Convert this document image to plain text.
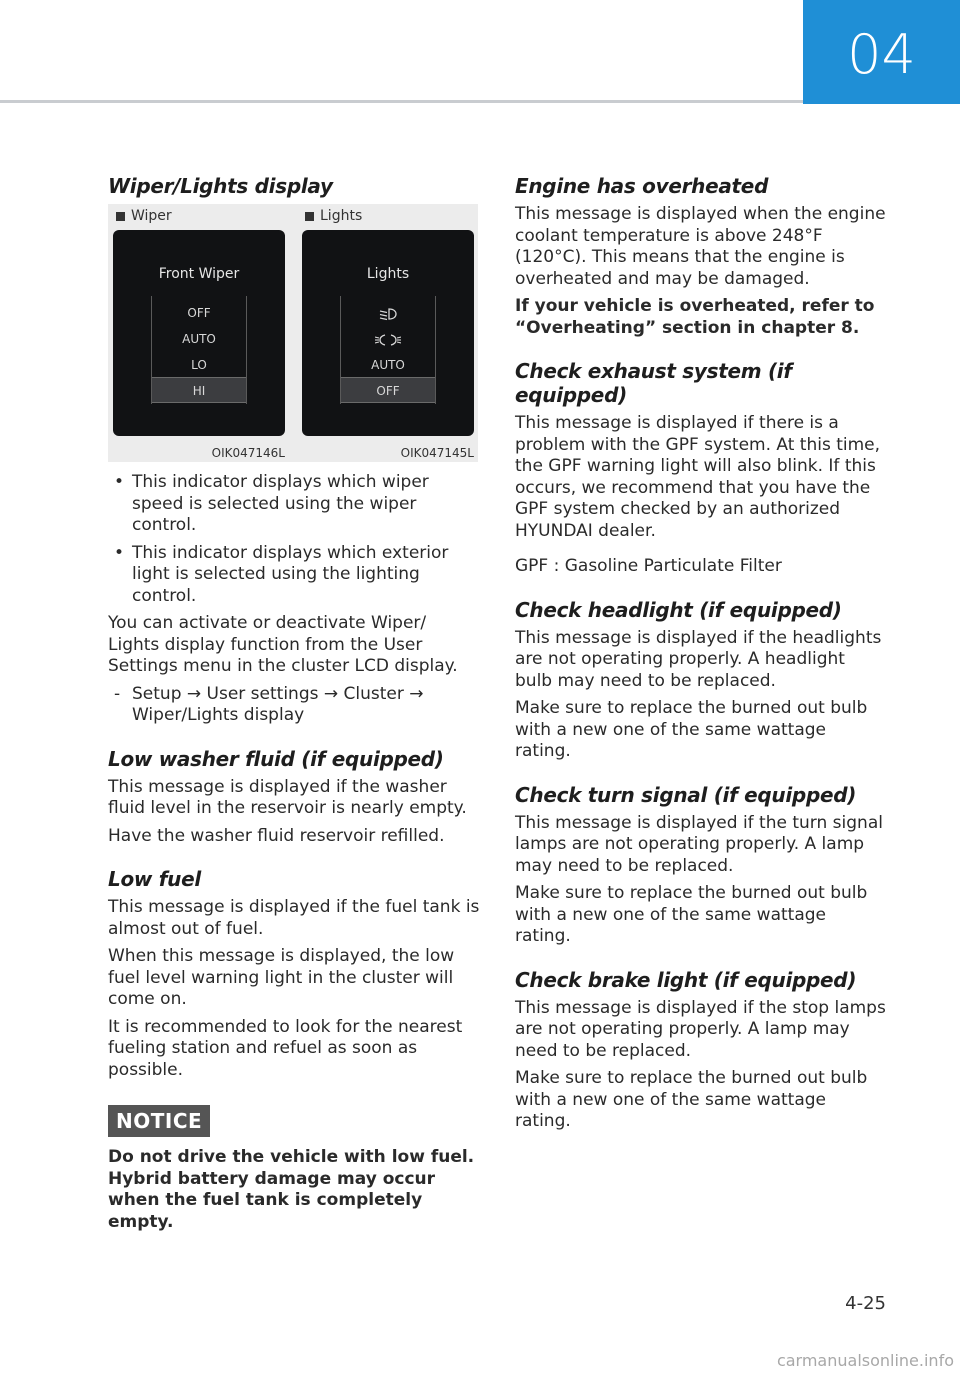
04
Wiper/Lights display
Wiper
Front Wiper
OFF
AUTO
LO
HI
OIK047146L
Lights
Lights
AUTO
OFF
OIK047145L
• This indicator displays which wiper speed is selected using the wiper control.
• This indicator displays which exterior light is selected using the lighting control.

You can activate or deactivate Wiper/ Lights display function from the User Settings menu in the cluster LCD display.

- Setup → User settings → Cluster → Wiper/Lights display
Low washer fluid (if equipped)

This message is displayed if the washer fluid level in the reservoir is nearly empty.

Have the washer fluid reservoir refilled.

Low fuel

This message is displayed if the fuel tank is almost out of fuel.

When this message is displayed, the low fuel level warning light in the cluster will come on.

It is recommended to look for the nearest fueling station and refuel as soon as possible.

NOTICE

Do not drive the vehicle with low fuel. Hybrid battery damage may occur when the fuel tank is completely empty.

Engine has overheated

This message is displayed when the engine coolant temperature is above 248°F (120°C). This means that the engine is overheated and may be damaged.

If your vehicle is overheated, refer to “Overheating” section in chapter 8.

Check exhaust system (if equipped)

This message is displayed if there is a problem with the GPF system. At this time, the GPF warning light will also blink. If this occurs, we recommend that you have the GPF system checked by an authorized HYUNDAI dealer.

GPF : Gasoline Particulate Filter

Check headlight (if equipped)

This message is displayed if the headlights are not operating properly. A headlight bulb may need to be replaced.

Make sure to replace the burned out bulb with a new one of the same wattage rating.

Check turn signal (if equipped)

This message is displayed if the turn signal lamps are not operating properly. A lamp may need to be replaced.

Make sure to replace the burned out bulb with a new one of the same wattage rating.

Check brake light (if equipped)

This message is displayed if the stop lamps are not operating properly. A lamp may need to be replaced.

Make sure to replace the burned out bulb with a new one of the same wattage rating.

4-25
carmanualsonline.info
